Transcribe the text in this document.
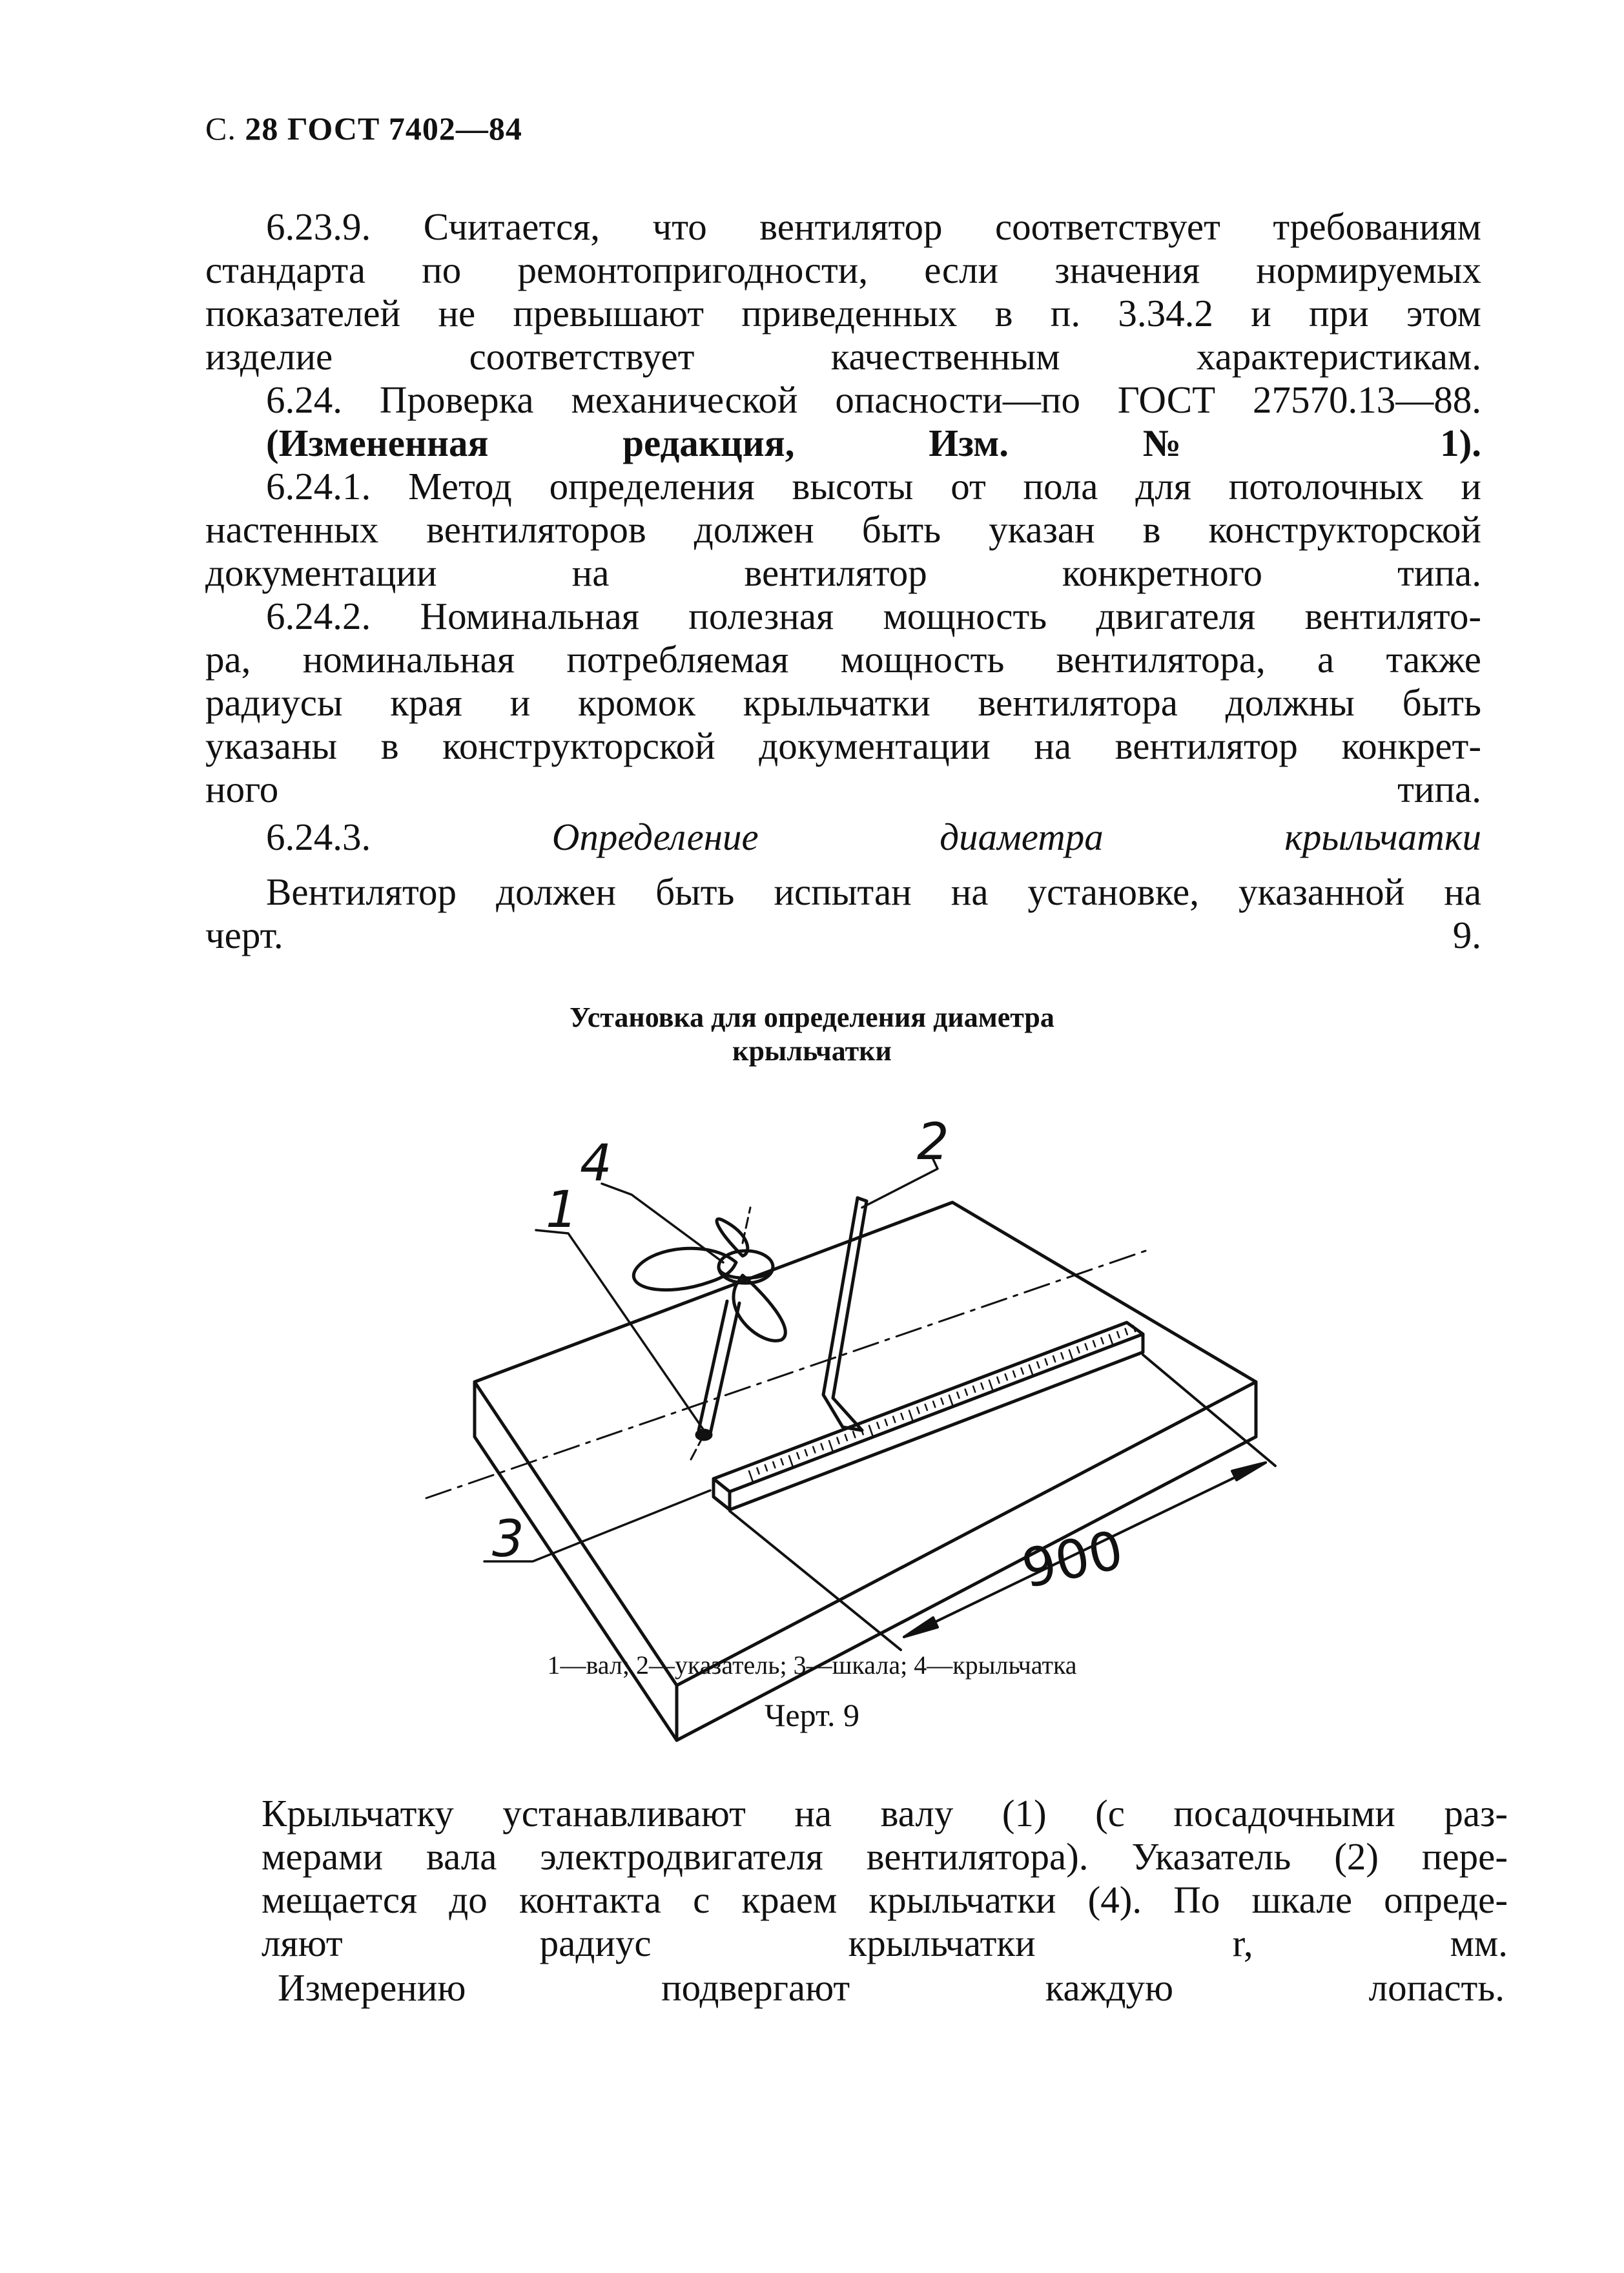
С. 28 ГОСТ 7402—84
6.23.9. Считается, что вентилятор соответствует требованиям
стандарта по ремонтопригодности, если значения нормируемых
показателей не превышают приведенных в п. 3.34.2 и при этом
изделие соответствует качественным характеристикам.
6.24. Проверка механической опасности—по ГОСТ 27570.13—88.
(Измененная редакция, Изм. № 1).
6.24.1. Метод определения высоты от пола для потолочных и
настенных вентиляторов должен быть указан в конструкторской
документации на вентилятор конкретного типа.
6.24.2. Номинальная полезная мощность двигателя вентилято-
ра, номинальная потребляемая мощность вентилятора, а также
радиусы края и кромок крыльчатки вентилятора должны быть
указаны в конструкторской документации на вентилятор конкрет-
ного типа.
6.24.3.	Определение диаметра крыльчатки
Вентилятор должен быть испытан на установке, указанной на
черт. 9.
Установка для определения диаметра
крыльчатки
1
2
3
4
900
1—вал; 2—указатель; 3—шкала; 4—крыльчатка
Черт. 9
Крыльчатку устанавливают на валу (1) (с посадочными раз-
мерами вала электродвигателя вентилятора). Указатель (2) пере-
мещается до контакта с краем крыльчатки (4). По шкале опреде-
ляют радиус крыльчатки r, мм.
Измерению подвергают каждую лопасть.
